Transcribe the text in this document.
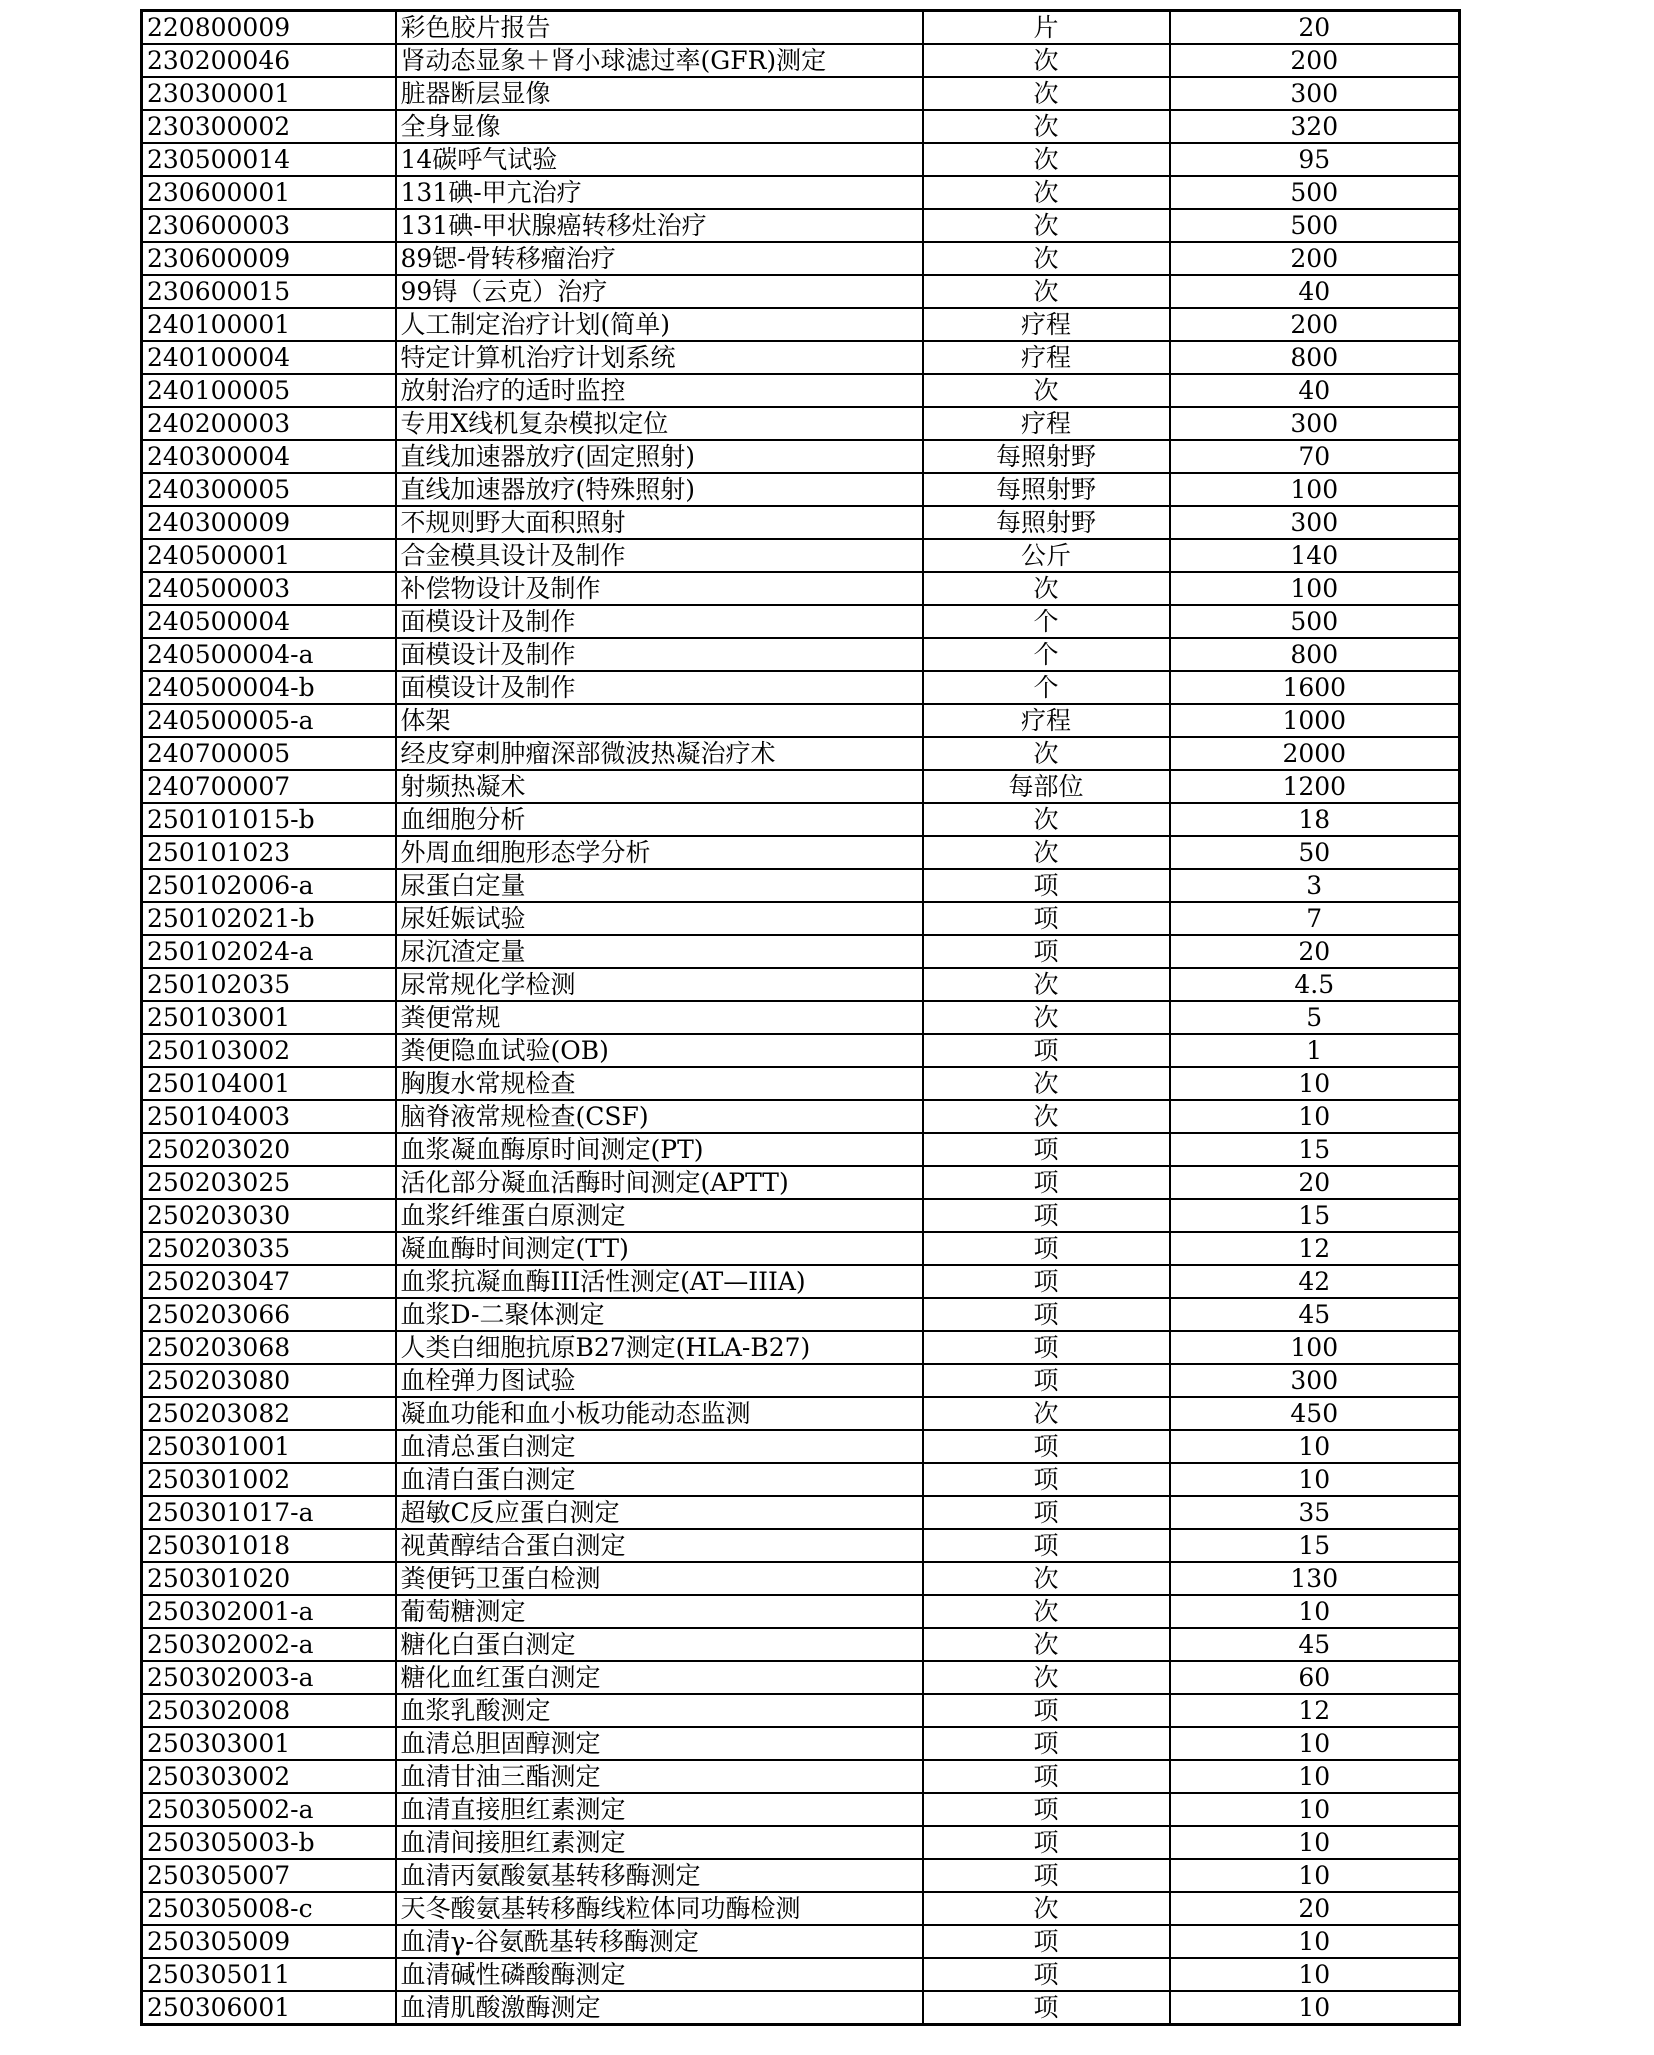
220800009	彩色胶片报告	片	20
230200046	肾动态显象＋肾小球滤过率(GFR)测定	次	200
230300001	脏器断层显像	次	300
230300002	全身显像	次	320
230500014	14碳呼气试验	次	95
230600001	131碘-甲亢治疗	次	500
230600003	131碘-甲状腺癌转移灶治疗	次	500
230600009	89锶-骨转移瘤治疗	次	200
230600015	99锝（云克）治疗	次	40
240100001	人工制定治疗计划(简单)	疗程	200
240100004	特定计算机治疗计划系统	疗程	800
240100005	放射治疗的适时监控	次	40
240200003	专用X线机复杂模拟定位	疗程	300
240300004	直线加速器放疗(固定照射)	每照射野	70
240300005	直线加速器放疗(特殊照射)	每照射野	100
240300009	不规则野大面积照射	每照射野	300
240500001	合金模具设计及制作	公斤	140
240500003	补偿物设计及制作	次	100
240500004	面模设计及制作	个	500
240500004-a	面模设计及制作	个	800
240500004-b	面模设计及制作	个	1600
240500005-a	体架	疗程	1000
240700005	经皮穿刺肿瘤深部微波热凝治疗术	次	2000
240700007	射频热凝术	每部位	1200
250101015-b	血细胞分析	次	18
250101023	外周血细胞形态学分析	次	50
250102006-a	尿蛋白定量	项	3
250102021-b	尿妊娠试验	项	7
250102024-a	尿沉渣定量	项	20
250102035	尿常规化学检测	次	4.5
250103001	粪便常规	次	5
250103002	粪便隐血试验(OB)	项	1
250104001	胸腹水常规检查	次	10
250104003	脑脊液常规检查(CSF)	次	10
250203020	血浆凝血酶原时间测定(PT)	项	15
250203025	活化部分凝血活酶时间测定(APTT)	项	20
250203030	血浆纤维蛋白原测定	项	15
250203035	凝血酶时间测定(TT)	项	12
250203047	血浆抗凝血酶III活性测定(AT—IIIA)	项	42
250203066	血浆D-二聚体测定	项	45
250203068	人类白细胞抗原B27测定(HLA-B27)	项	100
250203080	血栓弹力图试验	项	300
250203082	凝血功能和血小板功能动态监测	次	450
250301001	血清总蛋白测定	项	10
250301002	血清白蛋白测定	项	10
250301017-a	超敏C反应蛋白测定	项	35
250301018	视黄醇结合蛋白测定	项	15
250301020	粪便钙卫蛋白检测	次	130
250302001-a	葡萄糖测定	次	10
250302002-a	糖化白蛋白测定	次	45
250302003-a	糖化血红蛋白测定	次	60
250302008	血浆乳酸测定	项	12
250303001	血清总胆固醇测定	项	10
250303002	血清甘油三酯测定	项	10
250305002-a	血清直接胆红素测定	项	10
250305003-b	血清间接胆红素测定	项	10
250305007	血清丙氨酸氨基转移酶测定	项	10
250305008-c	天冬酸氨基转移酶线粒体同功酶检测	次	20
250305009	血清γ-谷氨酰基转移酶测定	项	10
250305011	血清碱性磷酸酶测定	项	10
250306001	血清肌酸激酶测定	项	10
